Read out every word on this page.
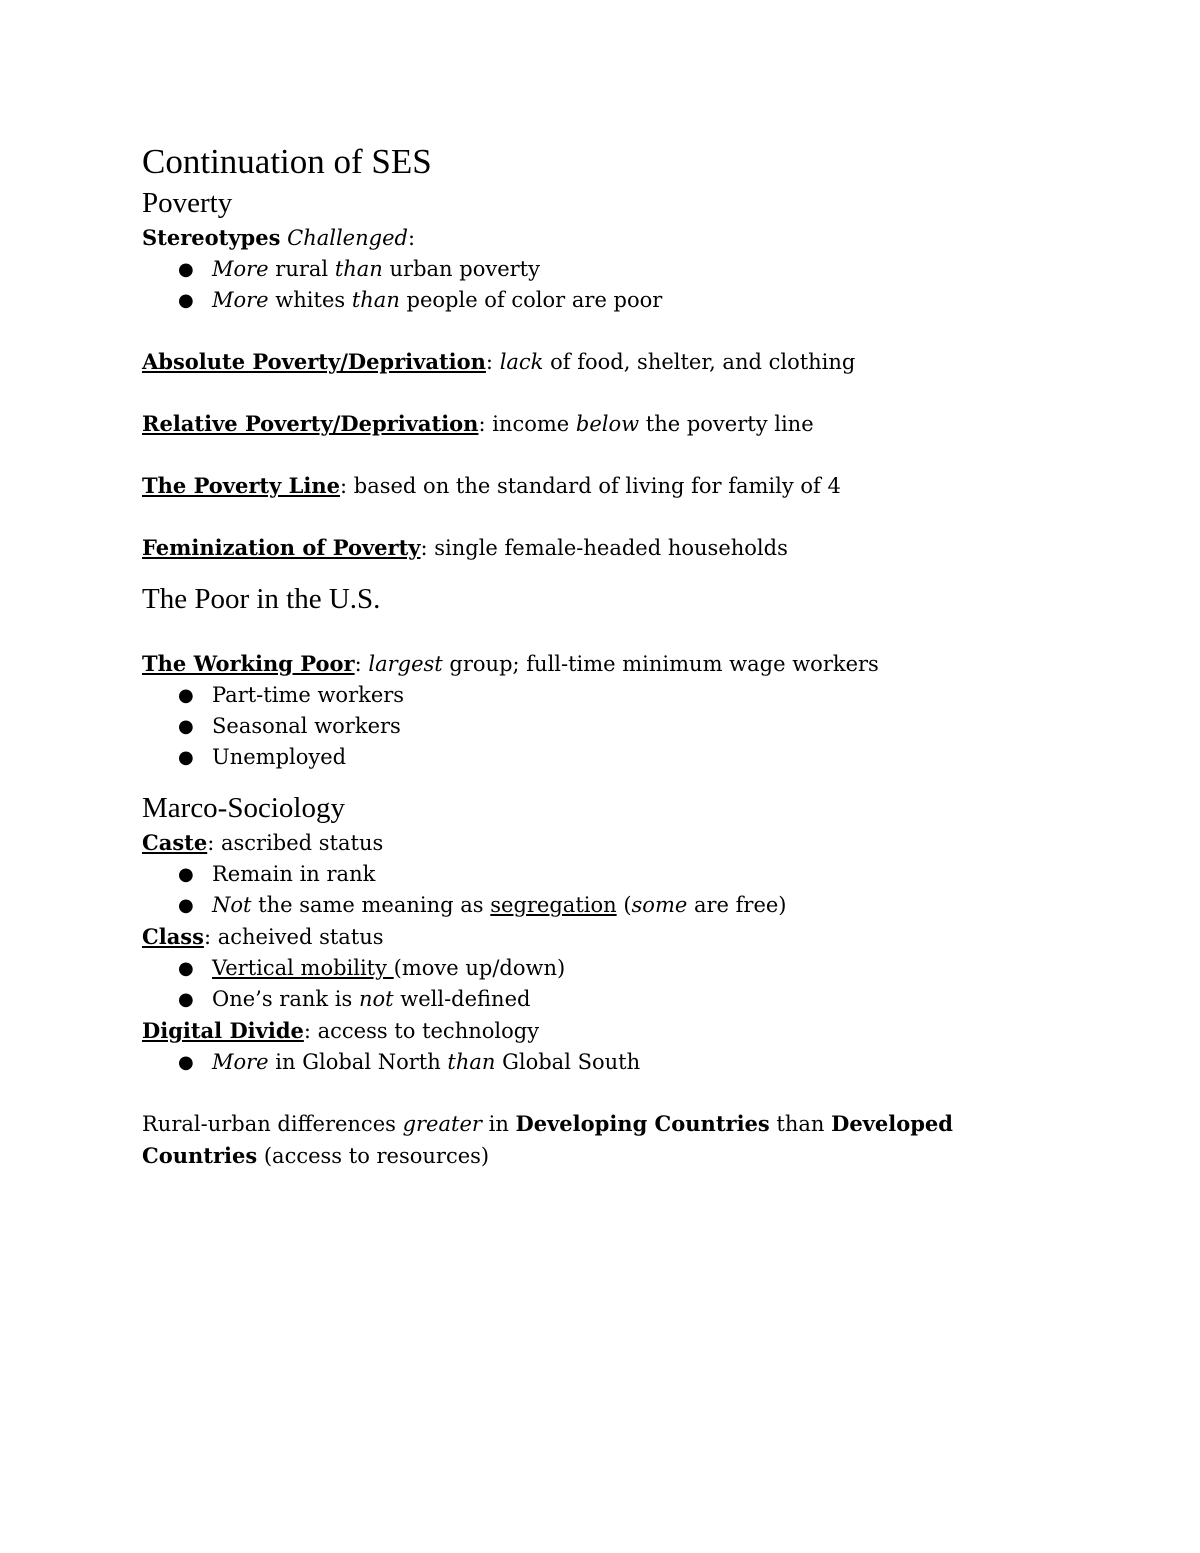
Continuation of SES
Poverty

Stereotypes Challenged:

● More rural than urban poverty
● More whites than people of color are poor

Absolute Poverty/Deprivation: lack of food, shelter, and clothing

Relative Poverty/Deprivation: income below the poverty line

The Poverty Line: based on the standard of living for family of 4

Feminization of Poverty: single female-headed households

The Poor in the U.S.

The Working Poor: largest group; full-time minimum wage workers

● Part-time workers
● Seasonal workers
● Unemployed
Marco-Sociology

Caste: ascribed status

● Remain in rank
● Not the same meaning as segregation (some are free)

Class: acheived status

● Vertical mobility (move up/down)
● One’s rank is not well-defined

Digital Divide: access to technology

● More in Global North than Global South

Rural-urban differences greater in Developing Countries than Developed Countries (access to resources)
